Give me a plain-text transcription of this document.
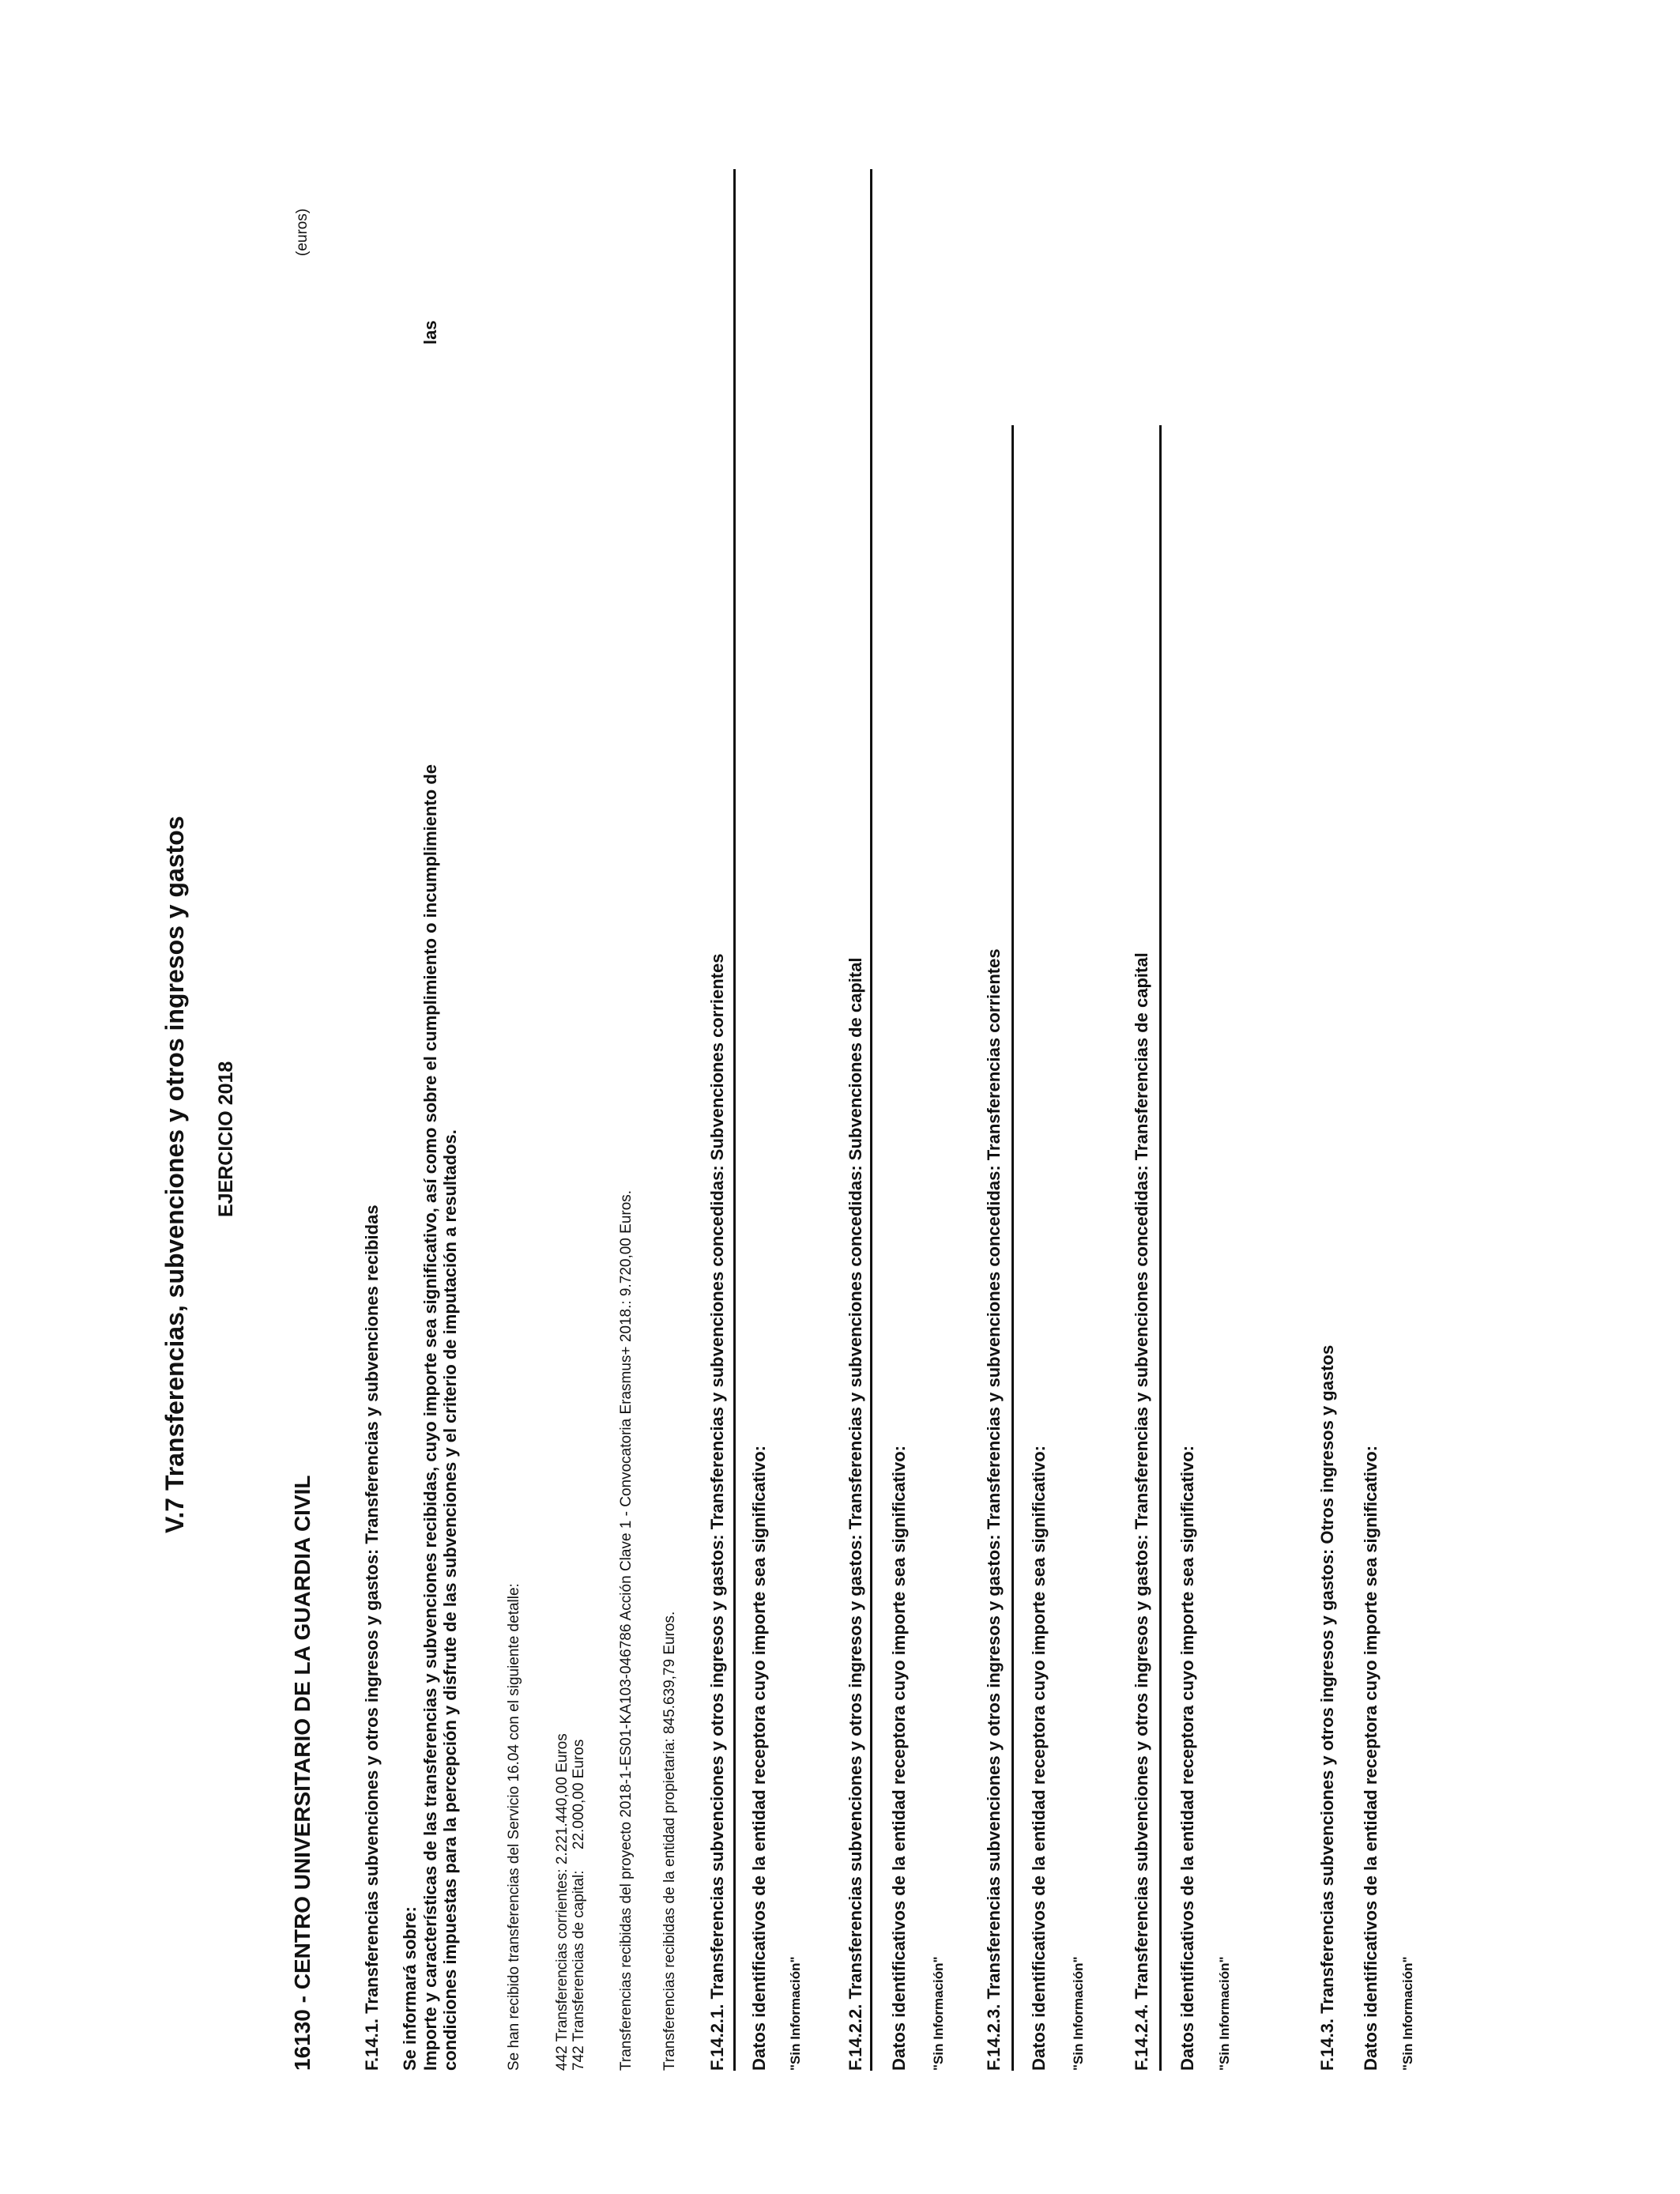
V.7 Transferencias, subvenciones y otros ingresos y gastos EJERCICIO 2018
(euros)
16130 - CENTRO UNIVERSITARIO DE LA GUARDIA CIVIL	F.14.1. Transferencias subvenciones y otros ingresos y gastos: Transferencias y subvenciones recibidas Se informará sobre: Importe y características de las transferencias y subvenciones recibidas, cuyo importe sea significativo, así como sobre el cumplimiento o incumplimiento de
las
condiciones impuestas para la percepción y disfrute de las subvenciones y el criterio de imputación a resultados.	Se han recibido transferencias del Servicio 16.04 con el siguiente detalle: 442 Transferencias corrientes: 2.221.440,00 Euros 742 Transferencias de capital:     22.000,00 Euros Transferencias recibidas del proyecto 2018-1-ES01-KA103-046786 Acción Clave 1 - Convocatoria Erasmus+ 2018.: 9.720,00 Euros. Transferencias recibidas de la entidad propietaria: 845.639,79 Euros. F.14.2.1. Transferencias subvenciones y otros ingresos y gastos: Transferencias y subvenciones concedidas: Subvenciones corrientes Datos identificativos de la entidad receptora cuyo importe sea significativo: "Sin Información" F.14.2.2. Transferencias subvenciones y otros ingresos y gastos: Transferencias y subvenciones concedidas: Subvenciones de capital Datos identificativos de la entidad receptora cuyo importe sea significativo: "Sin Información" F.14.2.3. Transferencias subvenciones y otros ingresos y gastos: Transferencias y subvenciones concedidas: Transferencias corrientes Datos identificativos de la entidad receptora cuyo importe sea significativo: "Sin Información"	F.14.2.4. Transferencias subvenciones y otros ingresos y gastos: Transferencias y subvenciones concedidas: Transferencias de capital Datos identificativos de la entidad receptora cuyo importe sea significativo: "Sin Información"	F.14.3. Transferencias subvenciones y otros ingresos y gastos: Otros ingresos y gastos Datos identificativos de la entidad receptora cuyo importe sea significativo: "Sin Información"
